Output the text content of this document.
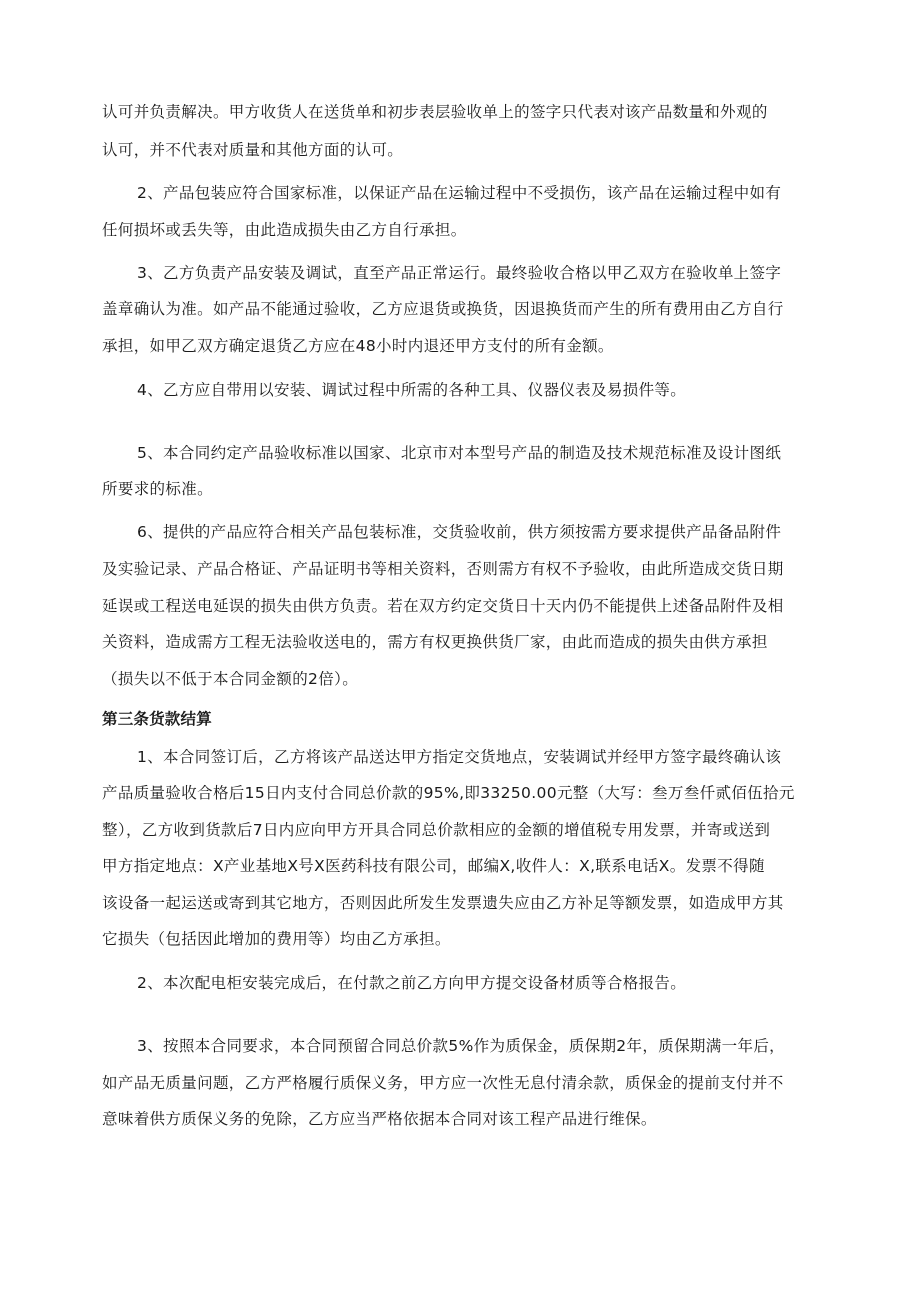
认可并负责解决。甲方收货人在送货单和初步表层验收单上的签字只代表对该产品数量和外观的
认可，并不代表对质量和其他方面的认可。
2、产品包装应符合国家标准，以保证产品在运输过程中不受损伤，该产品在运输过程中如有
任何损坏或丢失等，由此造成损失由乙方自行承担。
3、乙方负责产品安装及调试，直至产品正常运行。最终验收合格以甲乙双方在验收单上签字
盖章确认为准。如产品不能通过验收，乙方应退货或换货，因退换货而产生的所有费用由乙方自行
承担，如甲乙双方确定退货乙方应在48小时内退还甲方支付的所有金额。
4、乙方应自带用以安装、调试过程中所需的各种工具、仪器仪表及易损件等。
5、本合同约定产品验收标准以国家、北京市对本型号产品的制造及技术规范标准及设计图纸
所要求的标准。
6、提供的产品应符合相关产品包装标准，交货验收前，供方须按需方要求提供产品备品附件
及实验记录、产品合格证、产品证明书等相关资料，否则需方有权不予验收，由此所造成交货日期
延误或工程送电延误的损失由供方负责。若在双方约定交货日十天内仍不能提供上述备品附件及相
关资料，造成需方工程无法验收送电的，需方有权更换供货厂家，由此而造成的损失由供方承担
（损失以不低于本合同金额的2倍）。
第三条货款结算
1、本合同签订后，乙方将该产品送达甲方指定交货地点，安装调试并经甲方签字最终确认该
产品质量验收合格后15日内支付合同总价款的95%,即33250.00元整（大写：叁万叁仟贰佰伍拾元
整），乙方收到货款后7日内应向甲方开具合同总价款相应的金额的增值税专用发票，并寄或送到
甲方指定地点：X产业基地X号X医药科技有限公司，邮编X,收件人：X,联系电话X。发票不得随
该设备一起运送或寄到其它地方，否则因此所发生发票遗失应由乙方补足等额发票，如造成甲方其
它损失（包括因此增加的费用等）均由乙方承担。
2、本次配电柜安装完成后，在付款之前乙方向甲方提交设备材质等合格报告。
3、按照本合同要求，本合同预留合同总价款5%作为质保金，质保期2年，质保期满一年后，
如产品无质量问题，乙方严格履行质保义务，甲方应一次性无息付清余款，质保金的提前支付并不
意味着供方质保义务的免除，乙方应当严格依据本合同对该工程产品进行维保。
